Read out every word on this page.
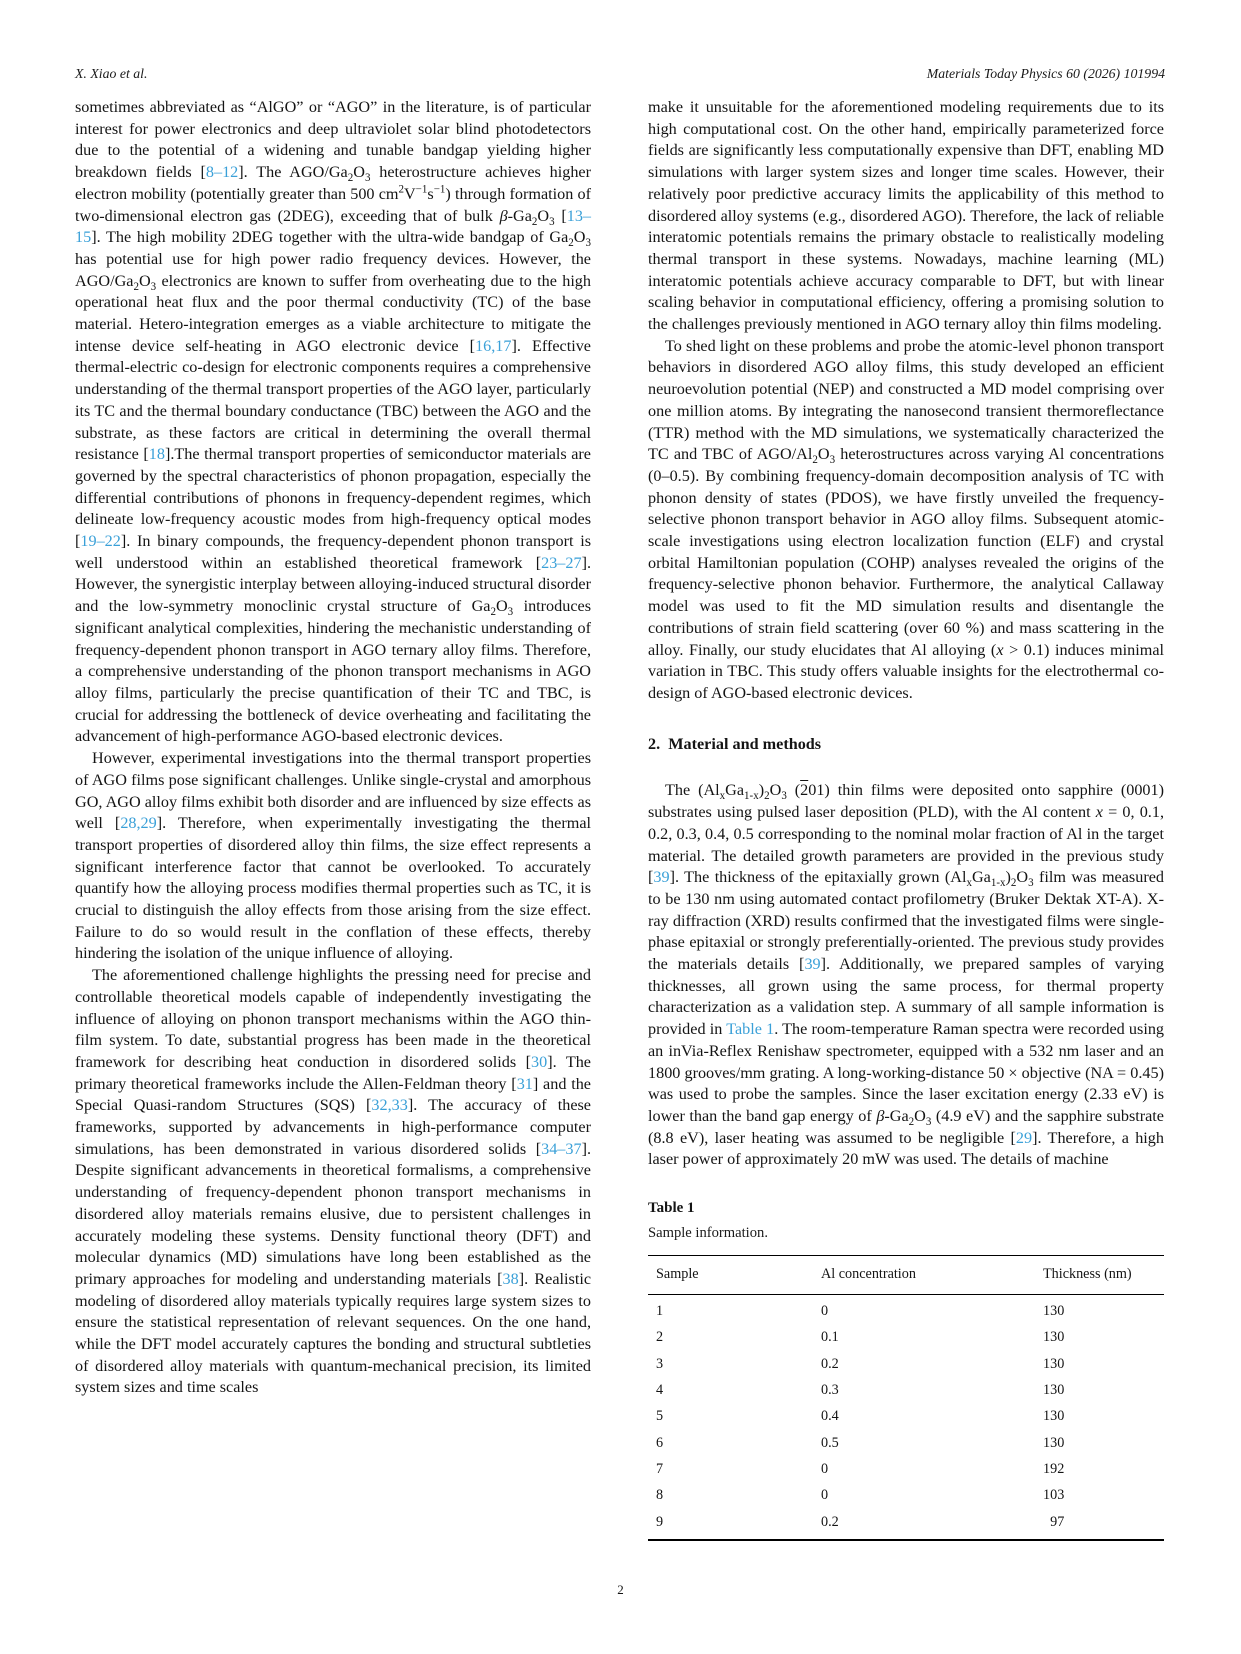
X. Xiao et al.	Materials Today Physics 60 (2026) 101994

sometimes abbreviated as “AlGO” or “AGO” in the literature, is of particular interest for power electronics and deep ultraviolet solar blind photodetectors due to the potential of a widening and tunable bandgap yielding higher breakdown fields [8–12]. The AGO/$Ga_2O_3$ heterostructure achieves higher electron mobility (potentially greater than 500 $cm^2V^{-1}s^{-1}$) through formation of two-dimensional electron gas (2DEG), exceeding that of bulk $\beta-Ga_2O_3$ [13–15]. The high mobility 2DEG together with the ultra-wide bandgap of $Ga_2O_3$ has potential use for high power radio frequency devices. However, the AGO/$Ga_2O_3$ electronics are known to suffer from overheating due to the high operational heat flux and the poor thermal conductivity (TC) of the base material. Hetero-integration emerges as a viable architecture to mitigate the intense device self-heating in AGO electronic device [16,17]. Effective thermal-electric co-design for electronic components requires a comprehensive understanding of the thermal transport properties of the AGO layer, particularly its TC and the thermal boundary conductance (TBC) between the AGO and the substrate, as these factors are critical in determining the overall thermal resistance [18].The thermal transport properties of semiconductor materials are governed by the spectral characteristics of phonon propagation, especially the differential contributions of phonons in frequency-dependent regimes, which delineate low-frequency acoustic modes from high-frequency optical modes [19–22]. In binary compounds, the frequency-dependent phonon transport is well understood within an established theoretical framework [23–27]. However, the synergistic interplay between alloying-induced structural disorder and the low-symmetry monoclinic crystal structure of $Ga_2O_3$ introduces significant analytical complexities, hindering the mechanistic understanding of frequency-dependent phonon transport in AGO ternary alloy films. Therefore, a comprehensive understanding of the phonon transport mechanisms in AGO alloy films, particularly the precise quantification of their TC and TBC, is crucial for addressing the bottleneck of device overheating and facilitating the advancement of high-performance AGO-based electronic devices.

However, experimental investigations into the thermal transport properties of AGO films pose significant challenges. Unlike single-crystal and amorphous GO, AGO alloy films exhibit both disorder and are influenced by size effects as well [28,29]. Therefore, when experimentally investigating the thermal transport properties of disordered alloy thin films, the size effect represents a significant interference factor that cannot be overlooked. To accurately quantify how the alloying process modifies thermal properties such as TC, it is crucial to distinguish the alloy effects from those arising from the size effect. Failure to do so would result in the conflation of these effects, thereby hindering the isolation of the unique influence of alloying.

The aforementioned challenge highlights the pressing need for precise and controllable theoretical models capable of independently investigating the influence of alloying on phonon transport mechanisms within the AGO thin-film system. To date, substantial progress has been made in the theoretical framework for describing heat conduction in disordered solids [30]. The primary theoretical frameworks include the Allen-Feldman theory [31] and the Special Quasi-random Structures (SQS) [32,33]. The accuracy of these frameworks, supported by advancements in high-performance computer simulations, has been demonstrated in various disordered solids [34–37]. Despite significant advancements in theoretical formalisms, a comprehensive understanding of frequency-dependent phonon transport mechanisms in disordered alloy materials remains elusive, due to persistent challenges in accurately modeling these systems. Density functional theory (DFT) and molecular dynamics (MD) simulations have long been established as the primary approaches for modeling and understanding materials [38]. Realistic modeling of disordered alloy materials typically requires large system sizes to ensure the statistical representation of relevant sequences. On the one hand, while the DFT model accurately captures the bonding and structural subtleties of disordered alloy materials with quantum-mechanical precision, its limited system sizes and time scales

make it unsuitable for the aforementioned modeling requirements due to its high computational cost. On the other hand, empirically parameterized force fields are significantly less computationally expensive than DFT, enabling MD simulations with larger system sizes and longer time scales. However, their relatively poor predictive accuracy limits the applicability of this method to disordered alloy systems (e.g., disordered AGO). Therefore, the lack of reliable interatomic potentials remains the primary obstacle to realistically modeling thermal transport in these systems. Nowadays, machine learning (ML) interatomic potentials achieve accuracy comparable to DFT, but with linear scaling behavior in computational efficiency, offering a promising solution to the challenges previously mentioned in AGO ternary alloy thin films modeling.

To shed light on these problems and probe the atomic-level phonon transport behaviors in disordered AGO alloy films, this study developed an efficient neuroevolution potential (NEP) and constructed a MD model comprising over one million atoms. By integrating the nanosecond transient thermoreflectance (TTR) method with the MD simulations, we systematically characterized the TC and TBC of AGO/$Al_2O_3$ heterostructures across varying Al concentrations (0–0.5). By combining frequency-domain decomposition analysis of TC with phonon density of states (PDOS), we have firstly unveiled the frequency-selective phonon transport behavior in AGO alloy films. Subsequent atomic-scale investigations using electron localization function (ELF) and crystal orbital Hamiltonian population (COHP) analyses revealed the origins of the frequency-selective phonon behavior. Furthermore, the analytical Callaway model was used to fit the MD simulation results and disentangle the contributions of strain field scattering (over 60 %) and mass scattering in the alloy. Finally, our study elucidates that Al alloying (x > 0.1) induces minimal variation in TBC. This study offers valuable insights for the electrothermal co-design of AGO-based electronic devices.

2. Material and methods

The $(Al_xGa_{1-x})_2O_3$ (201) thin films were deposited onto sapphire (0001) substrates using pulsed laser deposition (PLD), with the Al content x = 0, 0.1, 0.2, 0.3, 0.4, 0.5 corresponding to the nominal molar fraction of Al in the target material. The detailed growth parameters are provided in the previous study [39]. The thickness of the epitaxially grown $(Al_xGa_{1-x})_2O_3$ film was measured to be 130 nm using automated contact profilometry (Bruker Dektak XT-A). X-ray diffraction (XRD) results confirmed that the investigated films were single-phase epitaxial or strongly preferentially-oriented. The previous study provides the materials details [39]. Additionally, we prepared samples of varying thicknesses, all grown using the same process, for thermal property characterization as a validation step. A summary of all sample information is provided in Table 1. The room-temperature Raman spectra were recorded using an inVia-Reflex Renishaw spectrometer, equipped with a 532 nm laser and an 1800 grooves/mm grating. A long-working-distance 50 × objective (NA = 0.45) was used to probe the samples. Since the laser excitation energy (2.33 eV) is lower than the band gap energy of $\beta-Ga_2O_3$ (4.9 eV) and the sapphire substrate (8.8 eV), laser heating was assumed to be negligible [29]. Therefore, a high laser power of approximately 20 mW was used. The details of machine

Table 1
Sample information.
Sample	Al concentration	Thickness (nm)
1	0	130
2	0.1	130
3	0.2	130
4	0.3	130
5	0.4	130
6	0.5	130
7	0	192
8	0	103
9	0.2	97
2
